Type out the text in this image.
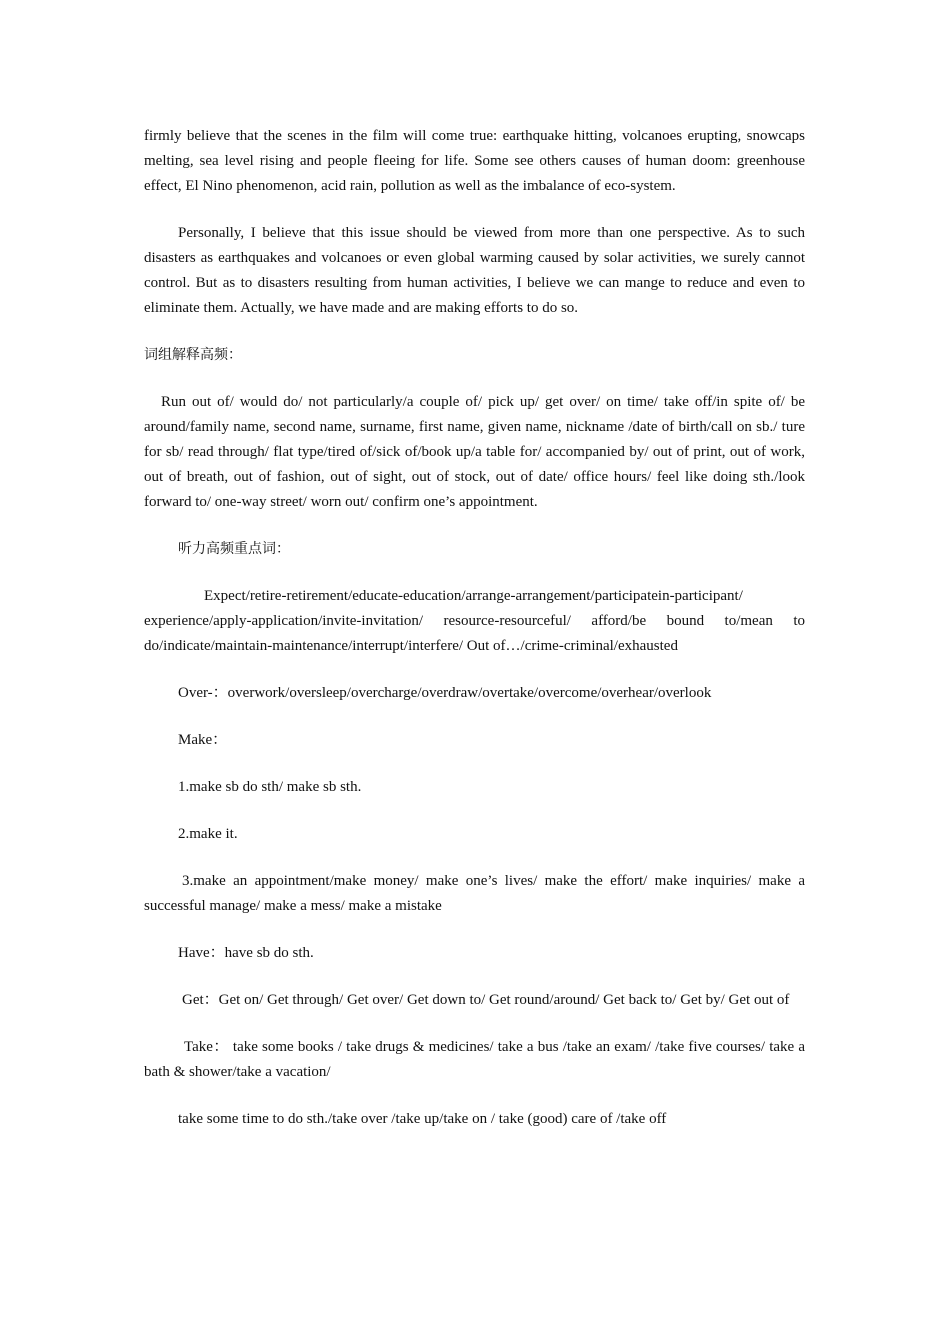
firmly believe that the scenes in the film will come true: earthquake hitting, volcanoes erupting, snowcaps melting, sea level rising and people fleeing for life. Some see others causes of human doom: greenhouse effect, El Nino phenomenon, acid rain, pollution as well as the imbalance of eco-system.

Personally, I believe that this issue should be viewed from more than one perspective. As to such disasters as earthquakes and volcanoes or even global warming caused by solar activities, we surely cannot control. But as to disasters resulting from human activities, I believe we can mange to reduce and even to eliminate them. Actually, we have made and are making efforts to do so.

词组解释高频：

Run out of/ would do/ not particularly/a couple of/ pick up/ get over/ on time/ take off/in spite of/ be around/family name, second name, surname, first name, given name, nickname /date of birth/call on sb./ ture for sb/ read through/ flat type/tired of/sick of/book up/a table for/ accompanied by/ out of print, out of work, out of breath, out of fashion, out of sight, out of stock, out of date/ office hours/ feel like doing sth./look forward to/ one-way street/ worn out/ confirm one’s appointment.

听力高频重点词：

Expect/retire-retirement/educate-education/arrange-arrangement/participatein-participant/ experience/apply-application/invite-invitation/ resource-resourceful/ afford/be bound to/mean to do/indicate/maintain-maintenance/interrupt/interfere/ Out of…/crime-criminal/exhausted

Over-：overwork/oversleep/overcharge/overdraw/overtake/overcome/overhear/overlook

Make：

1.make sb do sth/ make sb sth.

2.make it.

3.make an appointment/make money/ make one’s lives/ make the effort/ make inquiries/ make a successful manage/ make a mess/ make a mistake

Have：have sb do sth.

Get：Get on/ Get through/ Get over/ Get down to/ Get round/around/ Get back to/ Get by/ Get out of

Take： take some books / take drugs & medicines/ take a bus /take an exam/ /take five courses/ take a bath & shower/take a vacation/

take some time to do sth./take over /take up/take on / take (good) care of /take off
